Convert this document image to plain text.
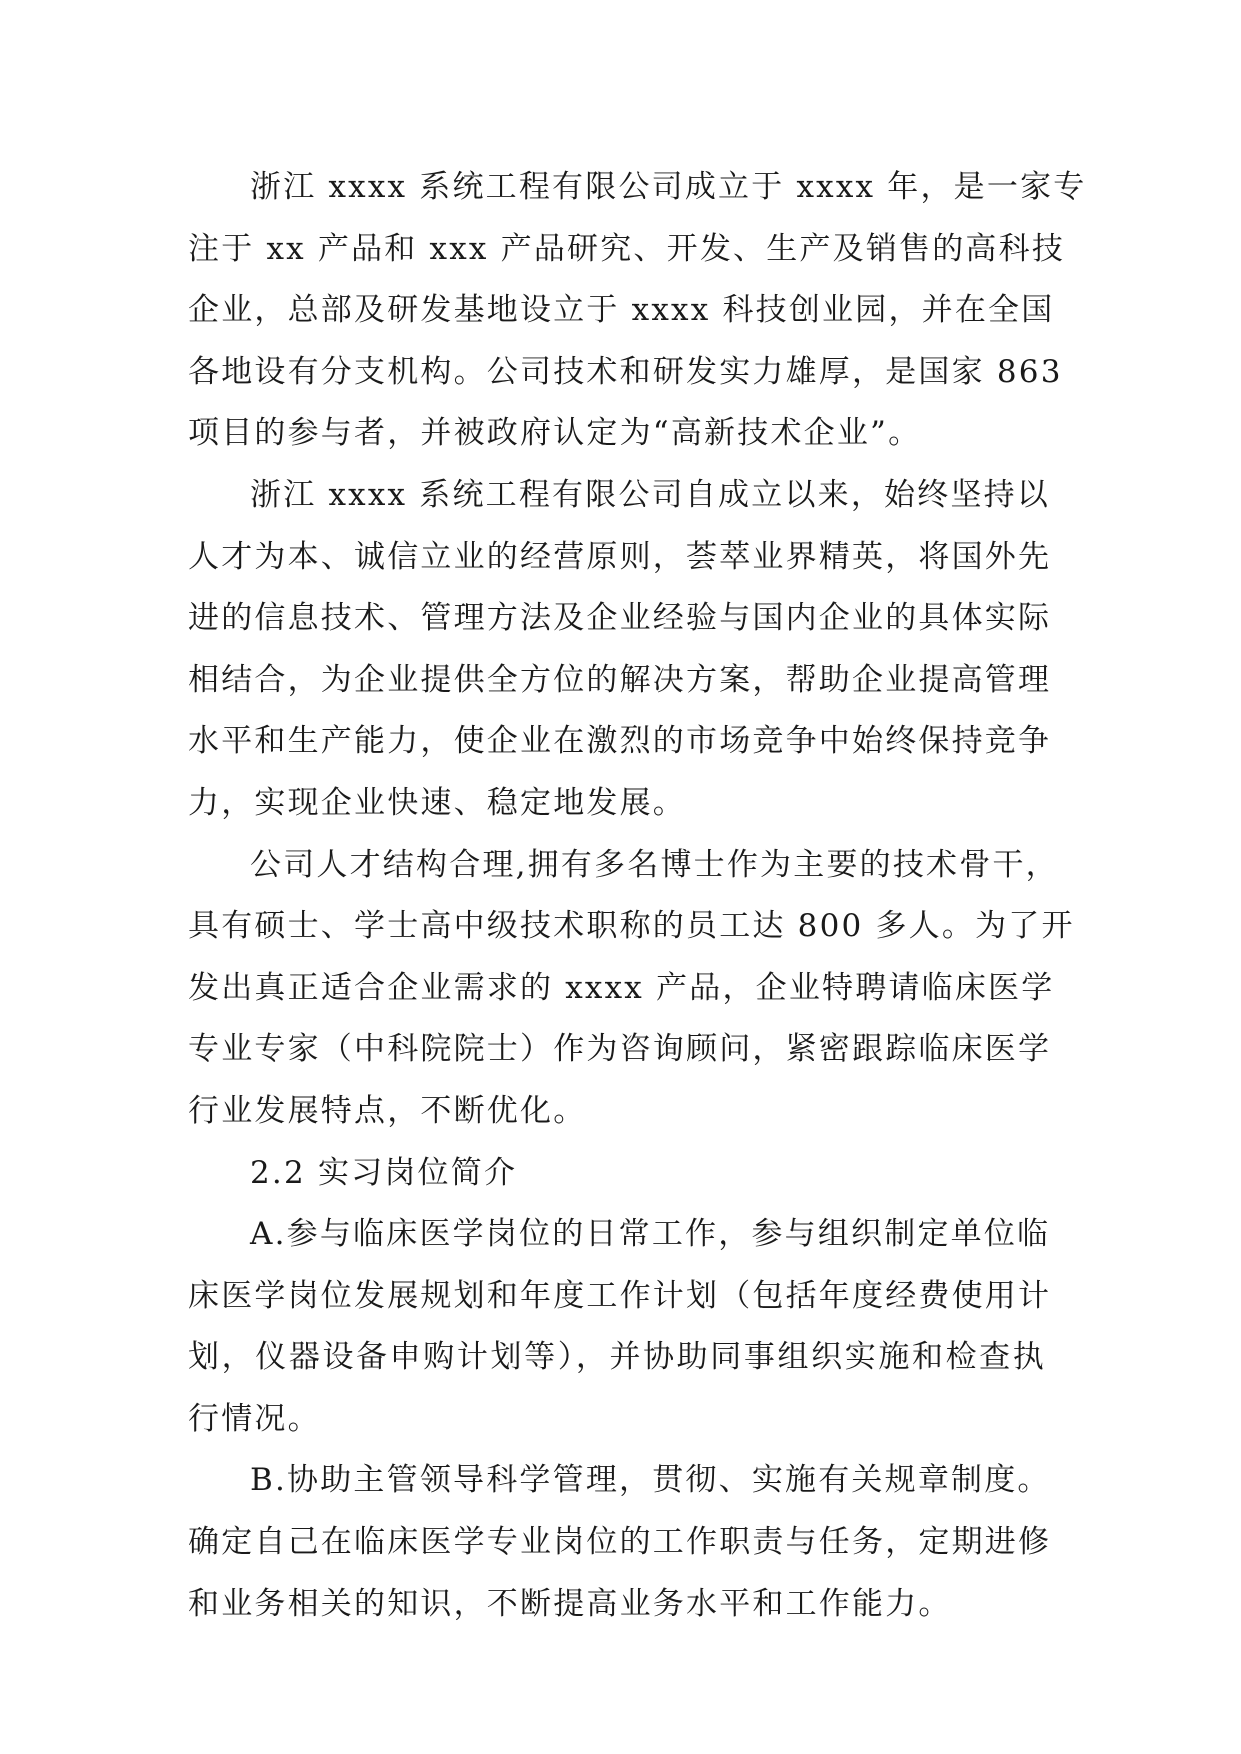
浙江 xxxx 系统工程有限公司成立于 xxxx 年，是一家专
注于 xx 产品和 xxx 产品研究、开发、生产及销售的高科技
企业，总部及研发基地设立于 xxxx 科技创业园，并在全国
各地设有分支机构。公司技术和研发实力雄厚，是国家 863
项目的参与者，并被政府认定为“高新技术企业”。
浙江 xxxx 系统工程有限公司自成立以来，始终坚持以
人才为本、诚信立业的经营原则，荟萃业界精英，将国外先
进的信息技术、管理方法及企业经验与国内企业的具体实际
相结合，为企业提供全方位的解决方案，帮助企业提高管理
水平和生产能力，使企业在激烈的市场竞争中始终保持竞争
力，实现企业快速、稳定地发展。
公司人才结构合理,拥有多名博士作为主要的技术骨干，
具有硕士、学士高中级技术职称的员工达 800 多人。为了开
发出真正适合企业需求的 xxxx 产品，企业特聘请临床医学
专业专家（中科院院士）作为咨询顾问，紧密跟踪临床医学
行业发展特点，不断优化。
2.2 实习岗位简介
A.参与临床医学岗位的日常工作，参与组织制定单位临
床医学岗位发展规划和年度工作计划（包括年度经费使用计
划，仪器设备申购计划等），并协助同事组织实施和检查执
行情况。
B.协助主管领导科学管理，贯彻、实施有关规章制度。
确定自己在临床医学专业岗位的工作职责与任务，定期进修
和业务相关的知识，不断提高业务水平和工作能力。
